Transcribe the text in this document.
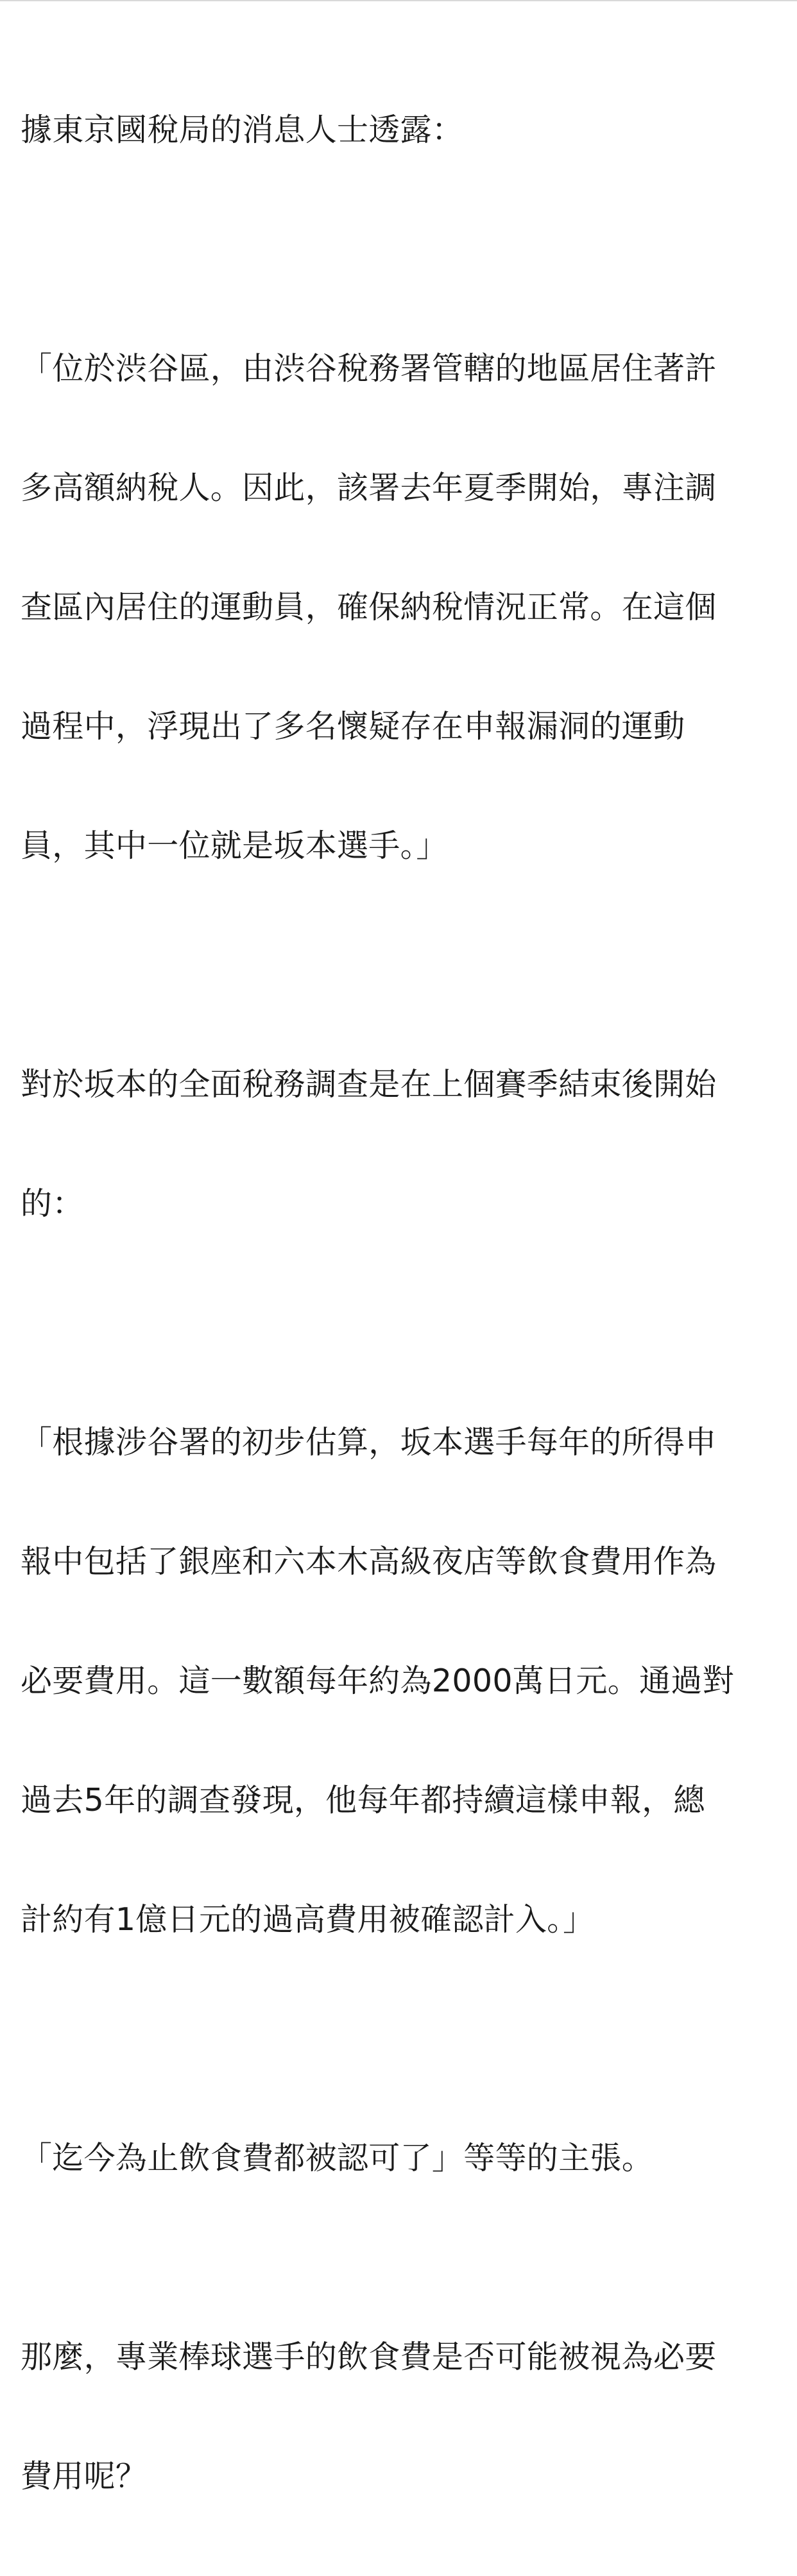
據東京國稅局的消息人士透露：

「位於渋谷區，由渋谷稅務署管轄的地區居住著許

多高額納稅人。因此，該署去年夏季開始，專注調

查區內居住的運動員，確保納稅情況正常。在這個

過程中，浮現出了多名懷疑存在申報漏洞的運動

員，其中一位就是坂本選手。」

對於坂本的全面稅務調查是在上個賽季結束後開始

的：

「根據涉谷署的初步估算，坂本選手每年的所得申

報中包括了銀座和六本木高級夜店等飲食費用作為

必要費用。這一數額每年約為2000萬日元。通過對

過去5年的調查發現，他每年都持續這樣申報，總

計約有1億日元的過高費用被確認計入。」

「迄今為止飲食費都被認可了」等等的主張。

那麼，專業棒球選手的飲食費是否可能被視為必要

費用呢？
